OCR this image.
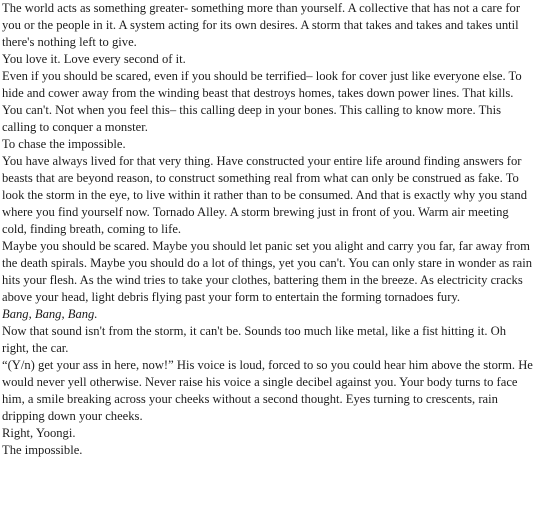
The world acts as something greater- something more than yourself. A collective that has not a care for you or the people in it. A system acting for its own desires. A storm that takes and takes and takes until there's nothing left to give.

You love it. Love every second of it.

Even if you should be scared, even if you should be terrified– look for cover just like everyone else. To hide and cower away from the winding beast that destroys homes, takes down power lines. That kills. You can't. Not when you feel this– this calling deep in your bones. This calling to know more. This calling to conquer a monster.

To chase the impossible.

You have always lived for that very thing. Have constructed your entire life around finding answers for beasts that are beyond reason, to construct something real from what can only be construed as fake. To look the storm in the eye, to live within it rather than to be consumed. And that is exactly why you stand where you find yourself now. Tornado Alley. A storm brewing just in front of you. Warm air meeting cold, finding breath, coming to life.

Maybe you should be scared. Maybe you should let panic set you alight and carry you far, far away from the death spirals. Maybe you should do a lot of things, yet you can't. You can only stare in wonder as rain hits your flesh. As the wind tries to take your clothes, battering them in the breeze. As electricity cracks above your head, light debris flying past your form to entertain the forming tornadoes fury.

Bang, Bang, Bang.

Now that sound isn't from the storm, it can't be. Sounds too much like metal, like a fist hitting it. Oh right, the car.

“(Y/n) get your ass in here, now!” His voice is loud, forced to so you could hear him above the storm. He would never yell otherwise. Never raise his voice a single decibel against you. Your body turns to face him, a smile breaking across your cheeks without a second thought. Eyes turning to crescents, rain dripping down your cheeks.

Right, Yoongi.

The impossible.
